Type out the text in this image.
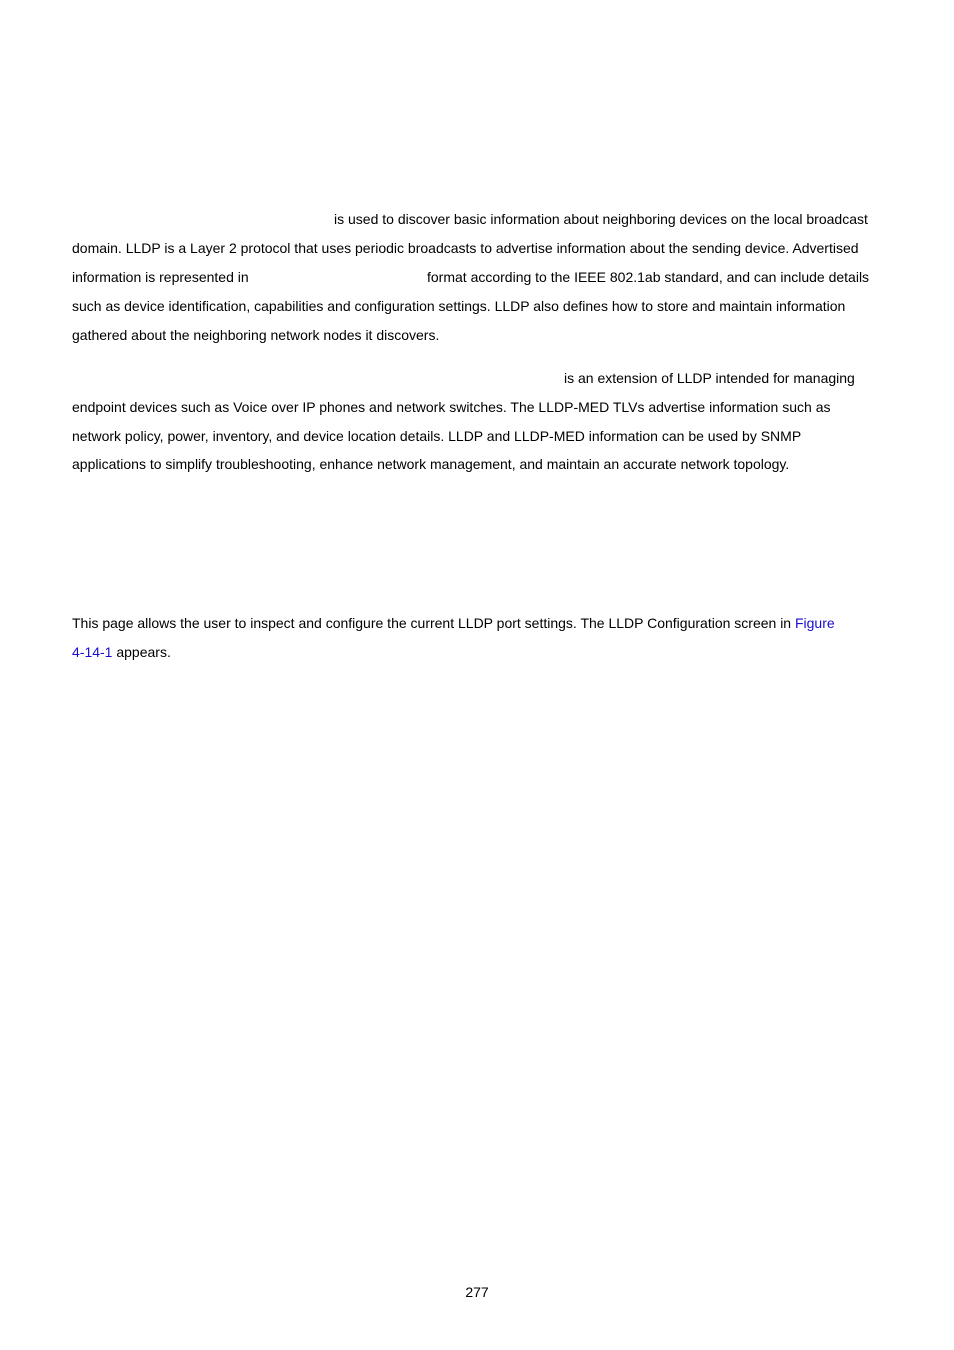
is used to discover basic information about neighboring devices on the local broadcast
domain. LLDP is a Layer 2 protocol that uses periodic broadcasts to advertise information about the sending device. Advertised
information is represented in	format according to the IEEE 802.1ab standard, and can include details
such as device identification, capabilities and configuration settings. LLDP also defines how to store and maintain information
gathered about the neighboring network nodes it discovers.
is an extension of LLDP intended for managing
endpoint devices such as Voice over IP phones and network switches. The LLDP-MED TLVs advertise information such as
network policy, power, inventory, and device location details. LLDP and LLDP-MED information can be used by SNMP
applications to simplify troubleshooting, enhance network management, and maintain an accurate network topology.
This page allows the user to inspect and configure the current LLDP port settings. The LLDP Configuration screen in Figure
4-14-1 appears.
277
